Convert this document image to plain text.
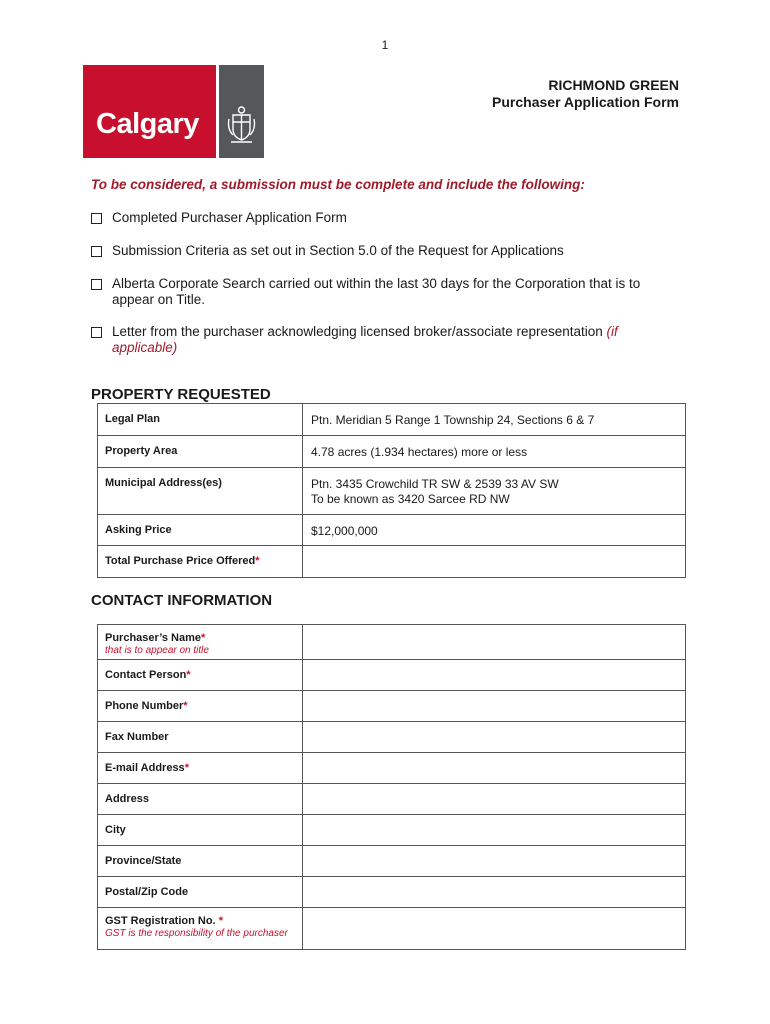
1
Calgary
RICHMOND GREEN
Purchaser Application Form
To be considered, a submission must be complete and include the following:
Completed Purchaser Application Form
Submission Criteria as set out in Section 5.0 of the Request for Applications
Alberta Corporate Search carried out within the last 30 days for the Corporation that is to appear on Title.
Letter from the purchaser acknowledging licensed broker/associate representation (if applicable)
PROPERTY REQUESTED
Legal Plan	Ptn. Meridian 5 Range 1 Township 24, Sections 6 & 7
Property Area	4.78 acres (1.934 hectares) more or less
Municipal Address(es)	Ptn. 3435 Crowchild TR SW & 2539 33 AV SW
To be known as 3420 Sarcee RD NW

Asking Price	$12,000,000
Total Purchase Price Offered*	
CONTACT INFORMATION
Purchaser’s Name*
that is to appear on title	

Contact Person*	
Phone Number*	
Fax Number	
E-mail Address*	
Address	
City	
Province/State	
Postal/Zip Code	
GST Registration No. *
GST is the responsibility of the purchaser	
